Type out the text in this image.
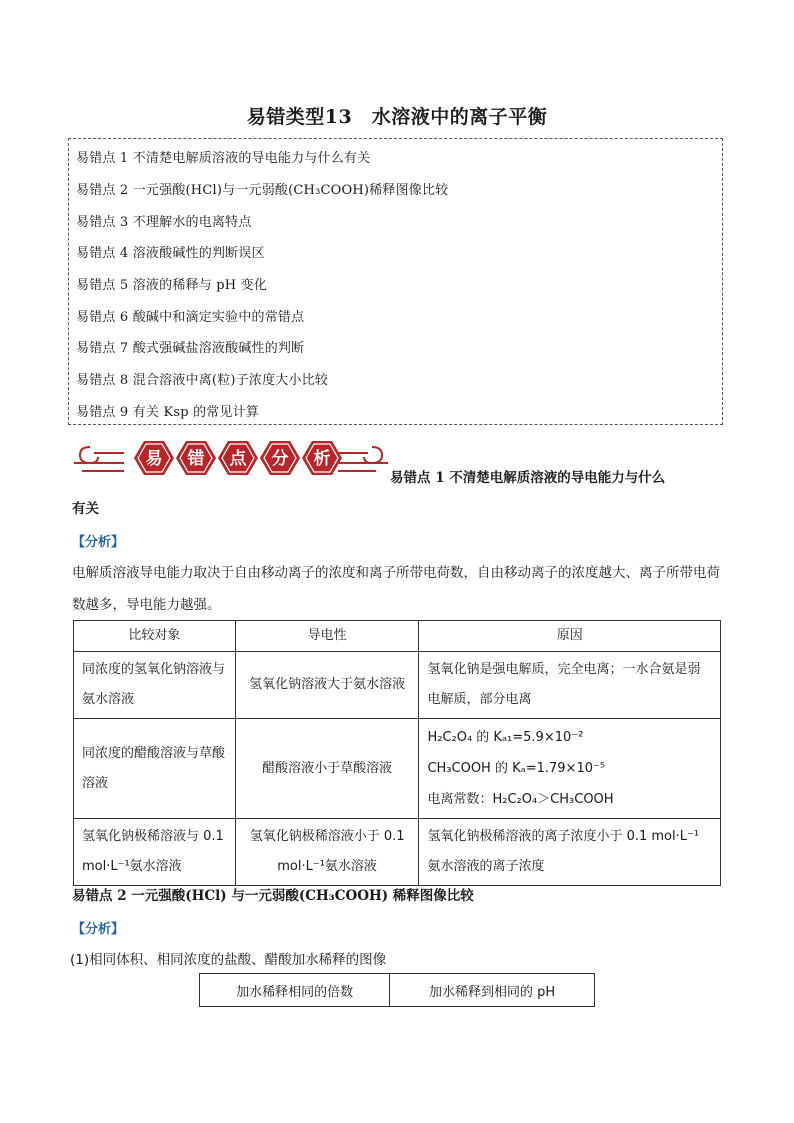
易错类型13　水溶液中的离子平衡
易错点 1 不清楚电解质溶液的导电能力与什么有关
易错点 2 一元强酸(HCl)与一元弱酸(CH₃COOH)稀释图像比较
易错点 3 不理解水的电离特点
易错点 4 溶液酸碱性的判断误区
易错点 5 溶液的稀释与 pH 变化
易错点 6 酸碱中和滴定实验中的常错点
易错点 7 酸式强碱盐溶液酸碱性的判断
易错点 8 混合溶液中离(粒)子浓度大小比较
易错点 9 有关 Ksp 的常见计算
易 错 点 分 析
易错点 1 不清楚电解质溶液的导电能力与什么
有关
【分析】
电解质溶液导电能力取决于自由移动离子的浓度和离子所带电荷数，自由移动离子的浓度越大、离子所带电荷数越多，导电能力越强。
比较对象	导电性	原因
同浓度的氢氧化钠溶液与氨水溶液	氢氧化钠溶液大于氨水溶液	氢氧化钠是强电解质，完全电离；一水合氨是弱电解质，部分电离
同浓度的醋酸溶液与草酸溶液	醋酸溶液小于草酸溶液	H₂C₂O₄ 的 Kₐ₁=5.9×10⁻²
CH₃COOH 的 Kₐ=1.79×10⁻⁵
电离常数：H₂C₂O₄＞CH₃COOH

氢氧化钠极稀溶液与 0.1 mol·L⁻¹氨水溶液	氢氧化钠极稀溶液小于 0.1 mol·L⁻¹氨水溶液	氢氧化钠极稀溶液的离子浓度小于 0.1 mol·L⁻¹氨水溶液的离子浓度
易错点 2 一元强酸(HCl) 与一元弱酸(CH₃COOH) 稀释图像比较
【分析】
(1)相同体积、相同浓度的盐酸、醋酸加水稀释的图像
加水稀释相同的倍数	加水稀释到相同的 pH
